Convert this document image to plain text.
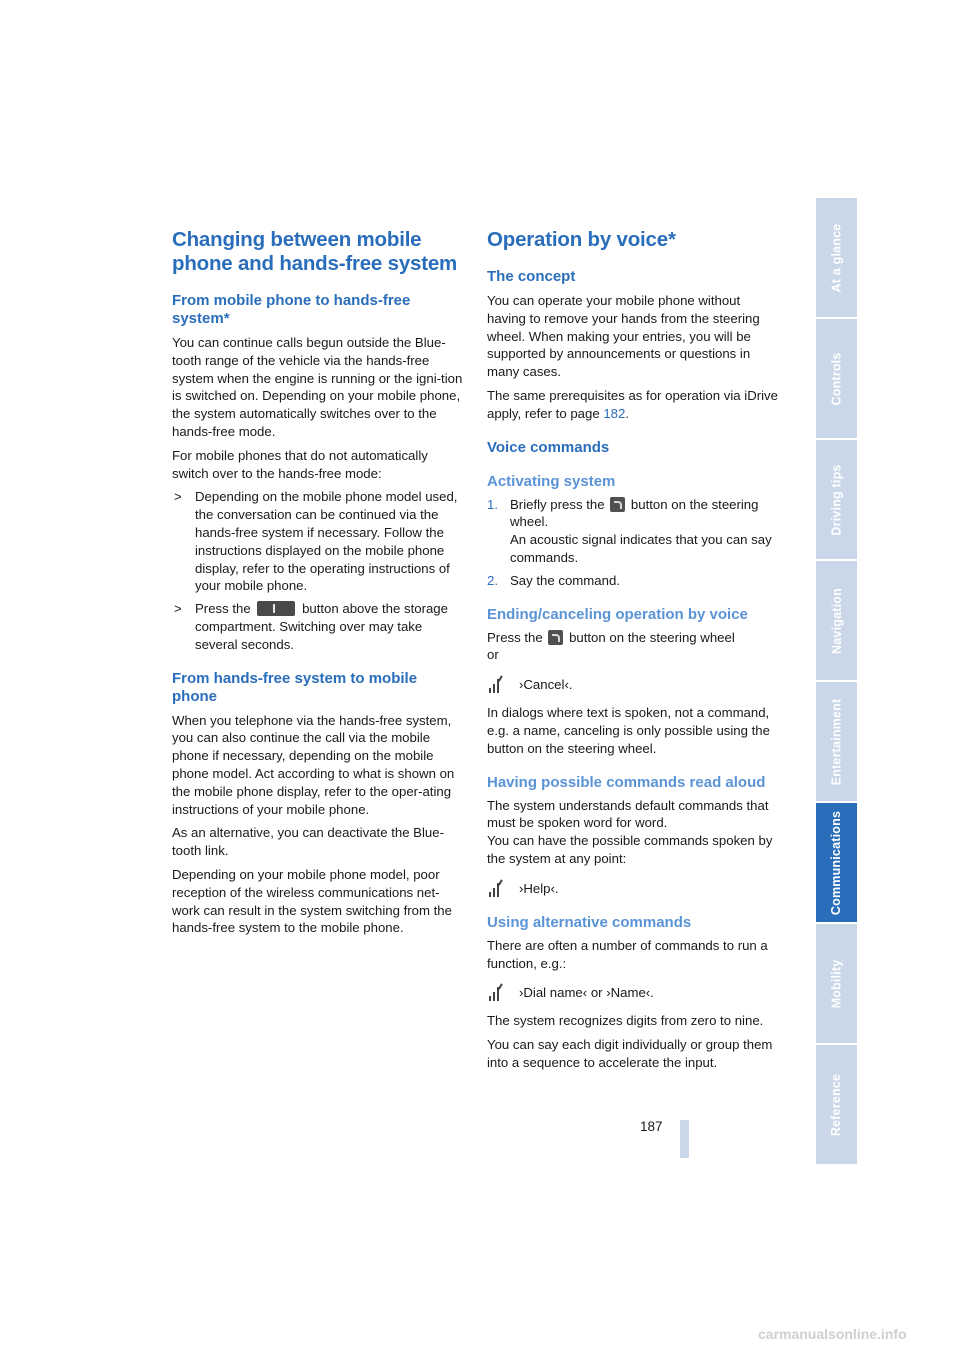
Changing between mobile
phone and hands-free system
From mobile phone to hands-free system*

You can continue calls begun outside the Blue-tooth range of the vehicle via the hands-free system when the engine is running or the igni-tion is switched on. Depending on your mobile phone, the system automatically switches over to the hands-free mode.

For mobile phones that do not automatically switch over to the hands-free mode:

> Depending on the mobile phone model used, the conversation can be continued via the hands-free system if necessary. Follow the instructions displayed on the mobile phone display, refer to the operating instructions of your mobile phone.
> Press the	button above the storage compartment. Switching over may take several seconds.
From hands-free system to mobile phone

When you telephone via the hands-free system, you can also continue the call via the mobile phone if necessary, depending on the mobile phone model. Act according to what is shown on the mobile phone display, refer to the oper-ating instructions of your mobile phone.

As an alternative, you can deactivate the Blue-tooth link.

Depending on your mobile phone model, poor reception of the wireless communications net-work can result in the system switching from the hands-free system to the mobile phone.

Operation by voice*
The concept

You can operate your mobile phone without having to remove your hands from the steering wheel. When making your entries, you will be supported by announcements or questions in many cases.

The same prerequisites as for operation via iDrive apply, refer to page 182.

Voice commands
Activating system
1. Briefly press the button on the steering wheel.
An acoustic signal indicates that you can say commands.
2. Say the command.
Ending/canceling operation by voice

Press the button on the steering wheel
or

›Cancel‹.

In dialogs where text is spoken, not a command, e.g. a name, canceling is only possible using the button on the steering wheel.

Having possible commands read aloud

The system understands default commands that must be spoken word for word.
You can have the possible commands spoken by the system at any point:

›Help‹.
Using alternative commands

There are often a number of commands to run a function, e.g.:

›Dial name‹ or ›Name‹.

The system recognizes digits from zero to nine.

You can say each digit individually or group them into a sequence to accelerate the input.

At a glance
Controls
Driving tips
Navigation
Entertainment
Communications
Mobility
Reference
187
carmanualsonline.info
